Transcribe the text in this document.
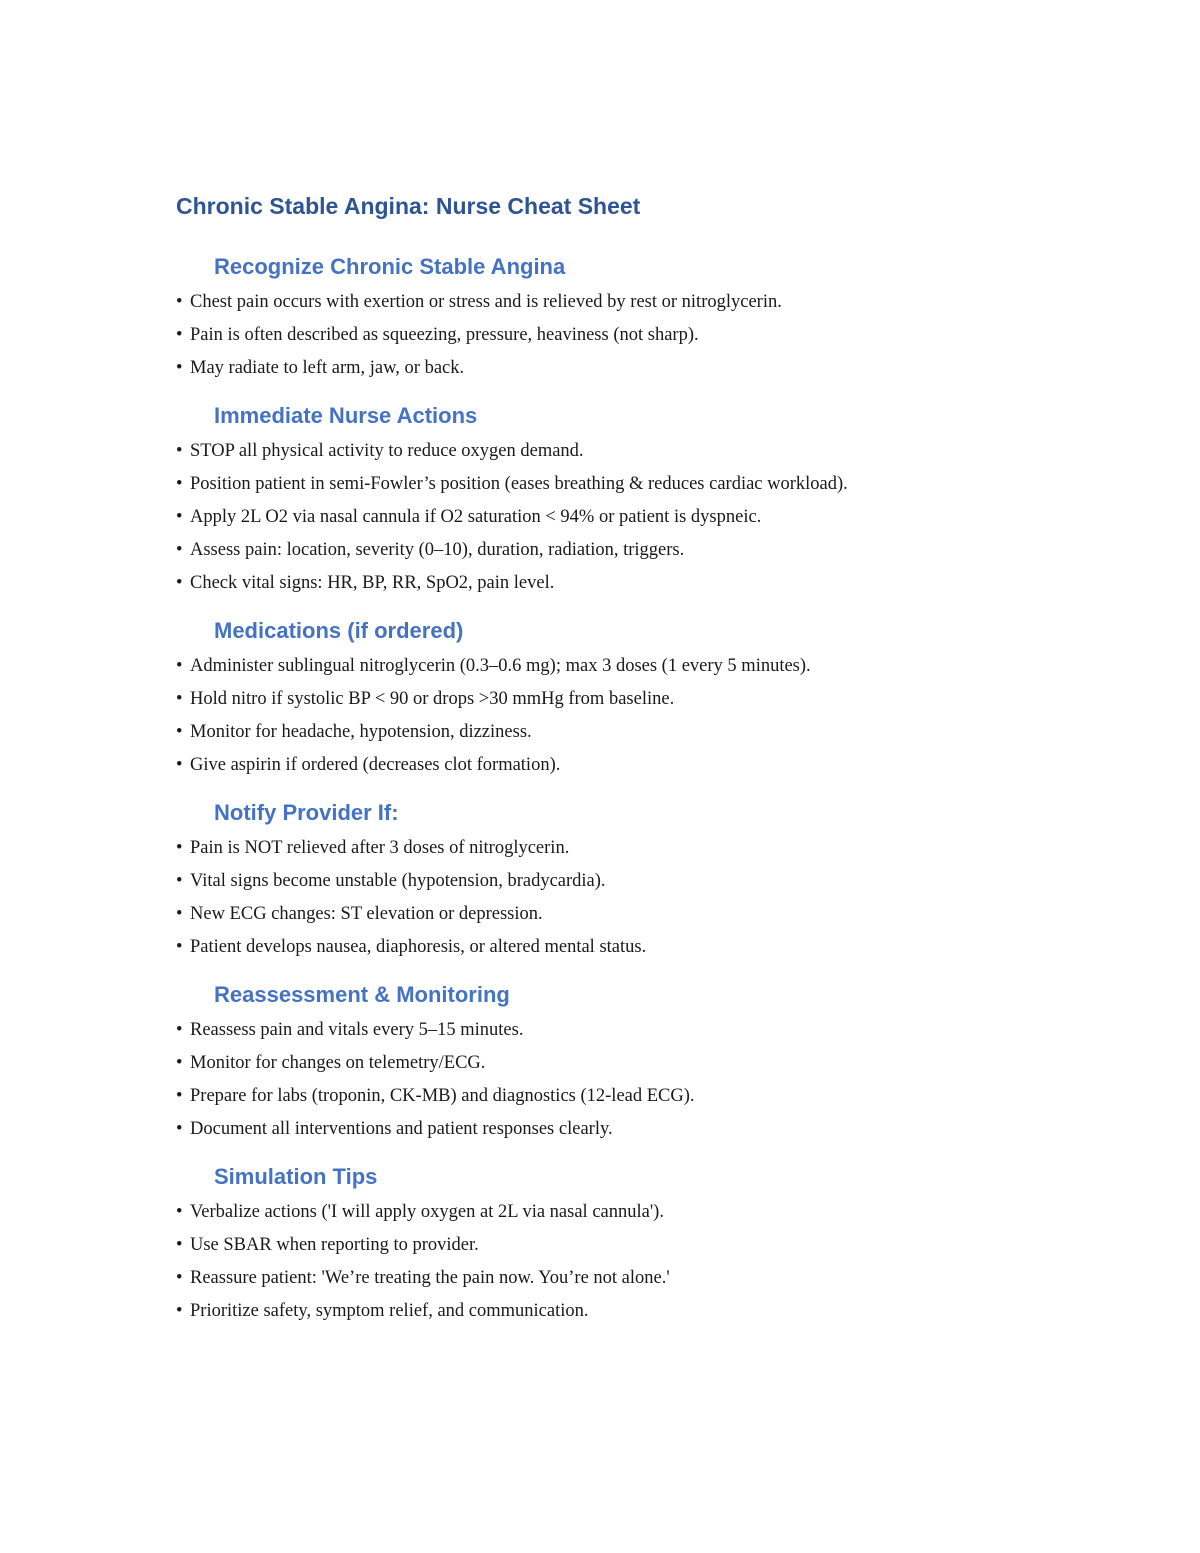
Chronic Stable Angina: Nurse Cheat Sheet
Recognize Chronic Stable Angina
• Chest pain occurs with exertion or stress and is relieved by rest or nitroglycerin.
• Pain is often described as squeezing, pressure, heaviness (not sharp).
• May radiate to left arm, jaw, or back.
Immediate Nurse Actions
• STOP all physical activity to reduce oxygen demand.
• Position patient in semi-Fowler’s position (eases breathing & reduces cardiac workload).
• Apply 2L O2 via nasal cannula if O2 saturation < 94% or patient is dyspneic.
• Assess pain: location, severity (0–10), duration, radiation, triggers.
• Check vital signs: HR, BP, RR, SpO2, pain level.
Medications (if ordered)
• Administer sublingual nitroglycerin (0.3–0.6 mg); max 3 doses (1 every 5 minutes).
• Hold nitro if systolic BP < 90 or drops >30 mmHg from baseline.
• Monitor for headache, hypotension, dizziness.
• Give aspirin if ordered (decreases clot formation).
Notify Provider If:
• Pain is NOT relieved after 3 doses of nitroglycerin.
• Vital signs become unstable (hypotension, bradycardia).
• New ECG changes: ST elevation or depression.
• Patient develops nausea, diaphoresis, or altered mental status.
Reassessment & Monitoring
• Reassess pain and vitals every 5–15 minutes.
• Monitor for changes on telemetry/ECG.
• Prepare for labs (troponin, CK-MB) and diagnostics (12-lead ECG).
• Document all interventions and patient responses clearly.
Simulation Tips
• Verbalize actions ('I will apply oxygen at 2L via nasal cannula').
• Use SBAR when reporting to provider.
• Reassure patient: 'We’re treating the pain now. You’re not alone.'
• Prioritize safety, symptom relief, and communication.
